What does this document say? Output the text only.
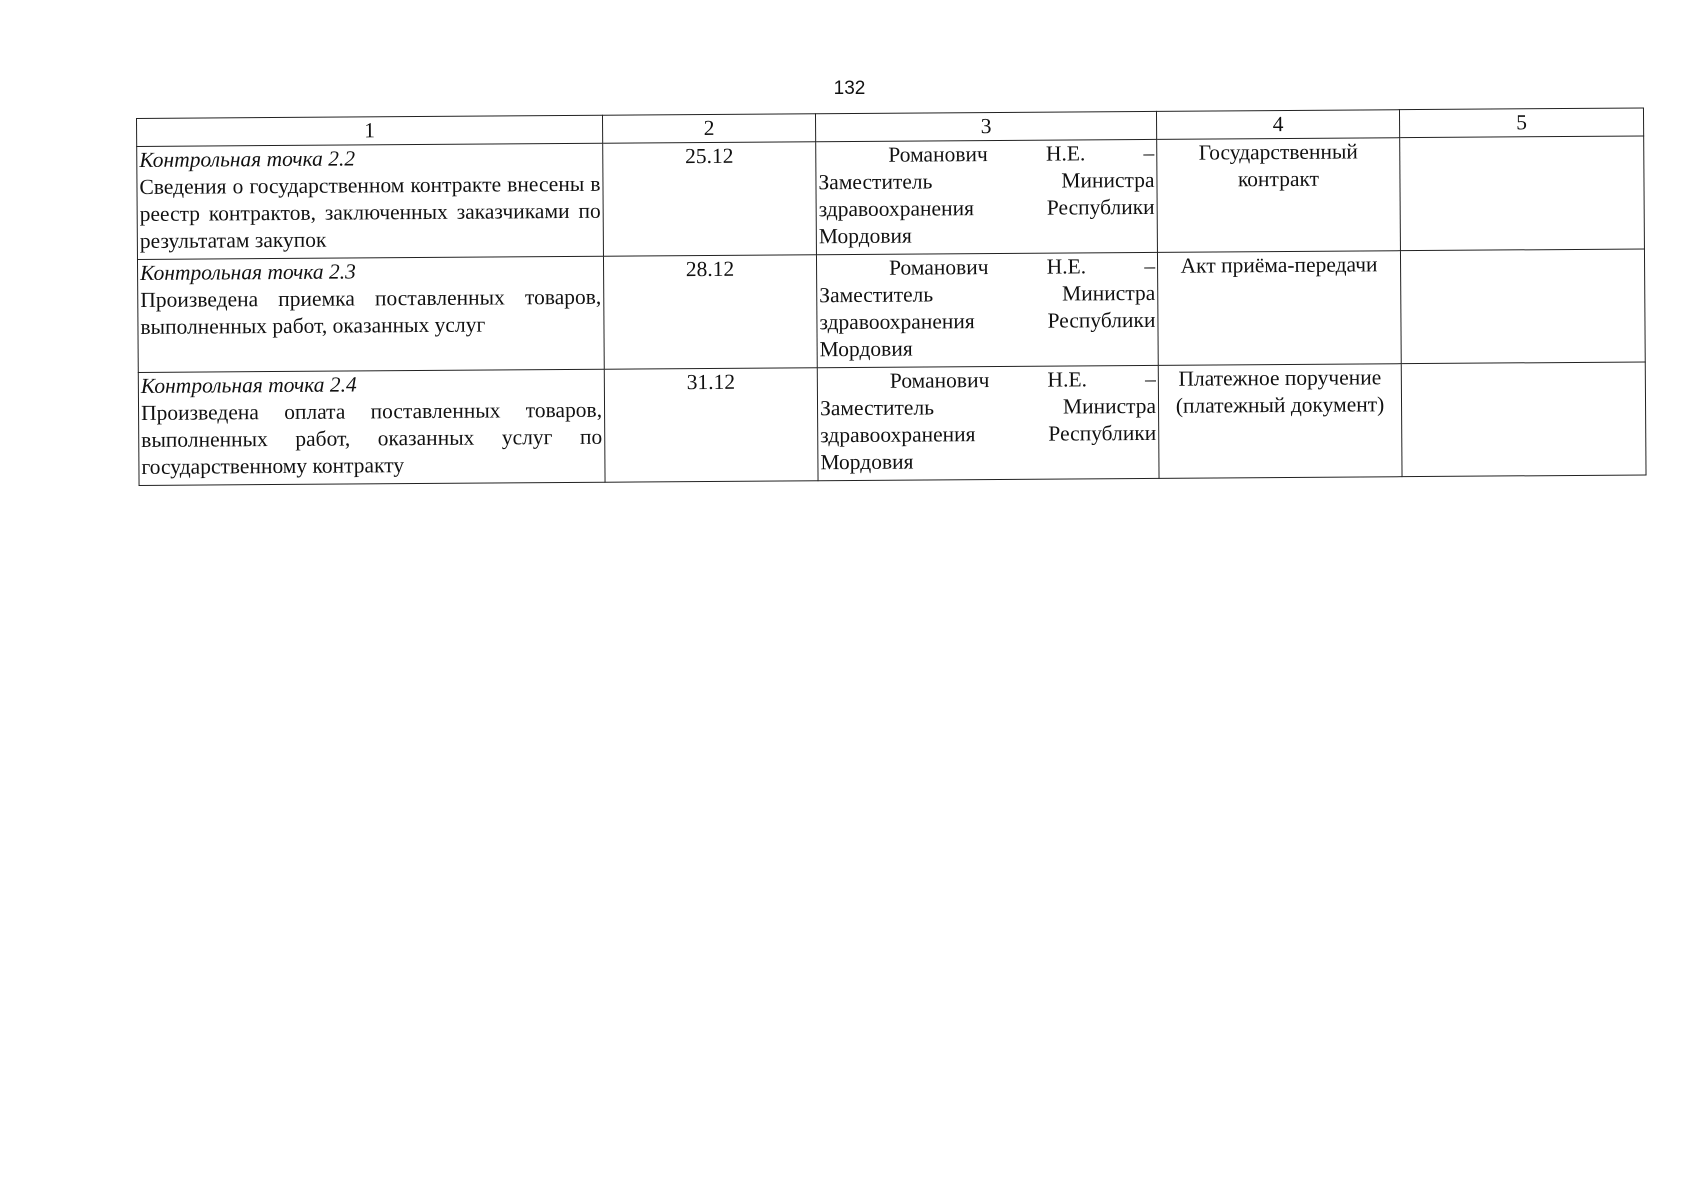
132
1	2	3	4	5

Контрольная точка 2.2
Сведения о государственном контракте внесены в реестр контрактов, заключенных заказчиками по результатам закупок	25.12	Романович Н.Е. –
Заместитель Министра
здравоохранения Республики
Мордовия	Государственный контракт	

Контрольная точка 2.3
Произведена приемка поставленных товаров, выполненных работ, оказанных услуг	28.12	Романович Н.Е. –
Заместитель Министра
здравоохранения Республики
Мордовия	Акт приёма-передачи	

Контрольная точка 2.4
Произведена оплата поставленных товаров, выполненных работ, оказанных услуг по государственному контракту	31.12	Романович Н.Е. –
Заместитель Министра
здравоохранения Республики
Мордовия	Платежное поручение (платежный документ)	
